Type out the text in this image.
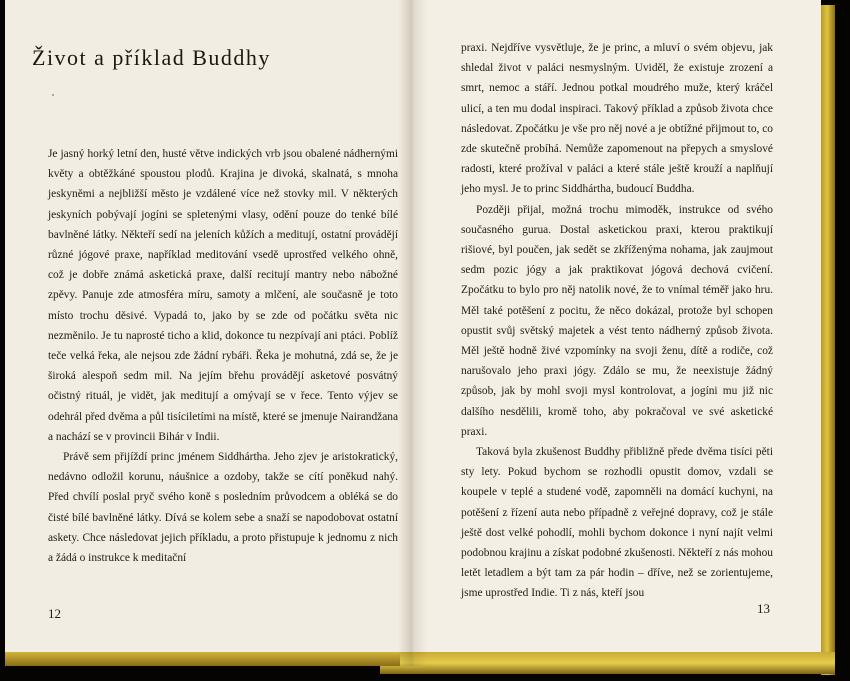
Život a příklad Buddhy

Je jasný horký letní den, husté větve indických vrb jsou obalené nádhernými květy a obtěžkáné spoustou plodů. Krajina je divoká, skalnatá, s mnoha jeskyněmi a nejbližší město je vzdálené více než stovky mil. V některých jeskyních pobývají jogíni se spletenými vlasy, odění pouze do tenké bílé bavlněné látky. Někteří sedí na jeleních kůžích a meditují, ostatní provádějí různé jógové praxe, například meditování vsedě uprostřed velkého ohně, což je dobře známá asketická praxe, další recitují mantry nebo nábožné zpěvy. Panuje zde atmosféra míru, samoty a mlčení, ale současně je toto místo trochu děsivé. Vypadá to, jako by se zde od počátku světa nic nezměnilo. Je tu naprosté ticho a klid, dokonce tu nezpívají ani ptáci. Poblíž teče velká řeka, ale nejsou zde žádní rybáři. Řeka je mohutná, zdá se, že je široká alespoň sedm mil. Na jejím břehu provádějí asketové posvátný očistný rituál, je vidět, jak meditují a omývají se v řece. Tento výjev se odehrál před dvěma a půl tisíciletími na místě, které se jmenuje Nairandžana a nachází se v provincii Bihár v Indii.

Právě sem přijíždí princ jménem Siddhártha. Jeho zjev je aristokratický, nedávno odložil korunu, náušnice a ozdoby, takže se cítí poněkud nahý. Před chvílí poslal pryč svého koně s posledním průvodcem a obléká se do čisté bílé bavlněné látky. Dívá se kolem sebe a snaží se napodobovat ostatní askety. Chce následovat jejich příkladu, a proto přistupuje k jednomu z nich a žádá o instrukce k meditační

12

praxi. Nejdříve vysvětluje, že je princ, a mluví o svém objevu, jak shledal život v paláci nesmyslným. Uviděl, že existuje zrození a smrt, nemoc a stáří. Jednou potkal moudrého muže, který kráčel ulicí, a ten mu dodal inspiraci. Takový příklad a způsob života chce následovat. Zpočátku je vše pro něj nové a je obtížné přijmout to, co zde skutečně probíhá. Nemůže zapomenout na přepych a smyslové radosti, které prožíval v paláci a které stále ještě krouží a naplňují jeho mysl. Je to princ Siddhártha, budoucí Buddha.

Později přijal, možná trochu mimoděk, instrukce od svého současného gurua. Dostal asketickou praxi, kterou praktikují rišiové, byl poučen, jak sedět se zkříženýma nohama, jak zaujmout sedm pozic jógy a jak praktikovat jógová dechová cvičení. Zpočátku to bylo pro něj natolik nové, že to vnímal téměř jako hru. Měl také potěšení z pocitu, že něco dokázal, protože byl schopen opustit svůj světský majetek a vést tento nádherný způsob života. Měl ještě hodně živé vzpomínky na svoji ženu, dítě a rodiče, což narušovalo jeho praxi jógy. Zdálo se mu, že neexistuje žádný způsob, jak by mohl svoji mysl kontrolovat, a jogíni mu již nic dalšího nesdělili, kromě toho, aby pokračoval ve své asketické praxi.

Taková byla zkušenost Buddhy přibližně přede dvěma tisíci pěti sty lety. Pokud bychom se rozhodli opustit domov, vzdali se koupele v teplé a studené vodě, zapomněli na domácí kuchyni, na potěšení z řízení auta nebo případně z veřejné dopravy, což je stále ještě dost velké pohodlí, mohli bychom dokonce i nyní najít velmi podobnou krajinu a získat podobné zkušenosti. Někteří z nás mohou letět letadlem a být tam za pár hodin – dříve, než se zorientujeme, jsme uprostřed Indie. Ti z nás, kteří jsou

13
